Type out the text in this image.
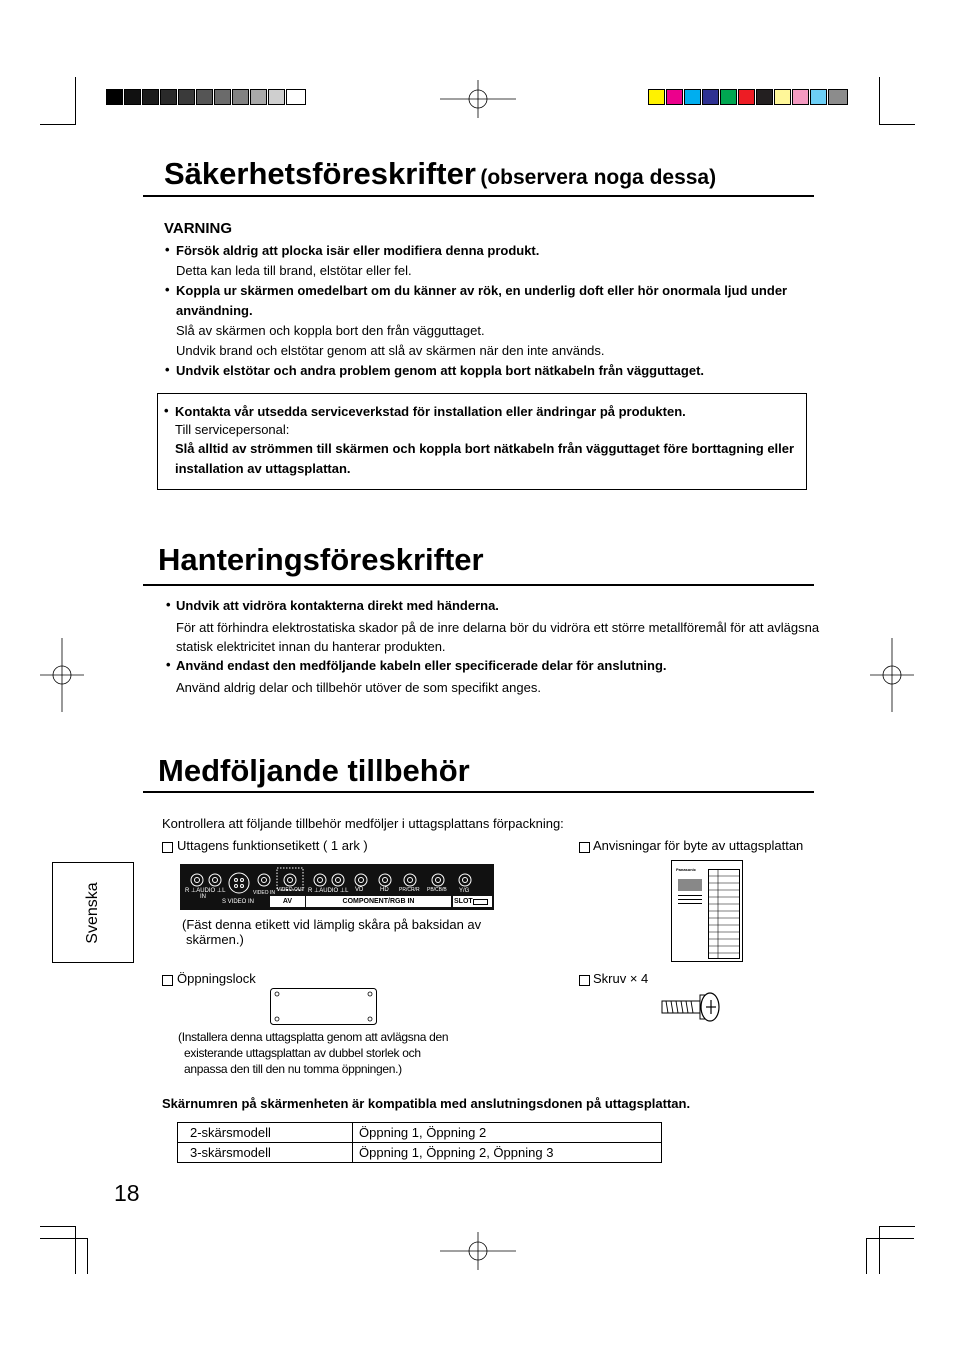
Säkerhetsföreskrifter (observera noga dessa)
VARNING
• Försök aldrig att plocka isär eller modifiera denna produkt.
Detta kan leda till brand, elstötar eller fel.
• Koppla ur skärmen omedelbart om du känner av rök, en underlig doft eller hör onormala ljud under
användning.
Slå av skärmen och koppla bort den från vägguttaget.
Undvik brand och elstötar genom att slå av skärmen när den inte används.
• Undvik elstötar och andra problem genom att koppla bort nätkabeln från vägguttaget.
• Kontakta vår utsedda serviceverkstad för installation eller ändringar på produkten.
Till servicepersonal:
Slå alltid av strömmen till skärmen och koppla bort nätkabeln från vägguttaget före borttagning eller
installation av uttagsplattan.
Hanteringsföreskrifter
• Undvik att vidröra kontakterna direkt med händerna.
För att förhindra elektrostatiska skador på de inre delarna bör du vidröra ett större metallföremål för att avlägsna
statisk elektricitet innan du hanterar produkten.
• Använd endast den medföljande kabeln eller specificerade delar för anslutning.
Använd aldrig delar och tillbehör utöver de som specifikt anges.
Medföljande tillbehör
Kontrollera att följande tillbehör medföljer i uttagsplattans förpackning:
Svenska
Uttagens funktionsetikett ( 1 ark )
R ⊥AUDIO ⊥L
IN
S VIDEO IN
VIDEO IN VIDEO OUT
AV
R ⊥AUDIO ⊥L VD	HD PR/CR/R PB/CB/B Y/G
COMPONENT/RGB IN	SLOT
(Fäst denna etikett vid lämplig skåra på baksidan av
skärmen.)
Anvisningar för byte av uttagsplattan
Panasonic
Öppningslock
(Installera denna uttagsplatta genom att avlägsna den
existerande uttagsplattan av dubbel storlek och
anpassa den till den nu tomma öppningen.)
Skruv × 4
Skärnumren på skärmenheten är kompatibla med anslutningsdonen på uttagsplattan.
2-skärsmodell	Öppning 1, Öppning 2
3-skärsmodell	Öppning 1, Öppning 2, Öppning 3
18
